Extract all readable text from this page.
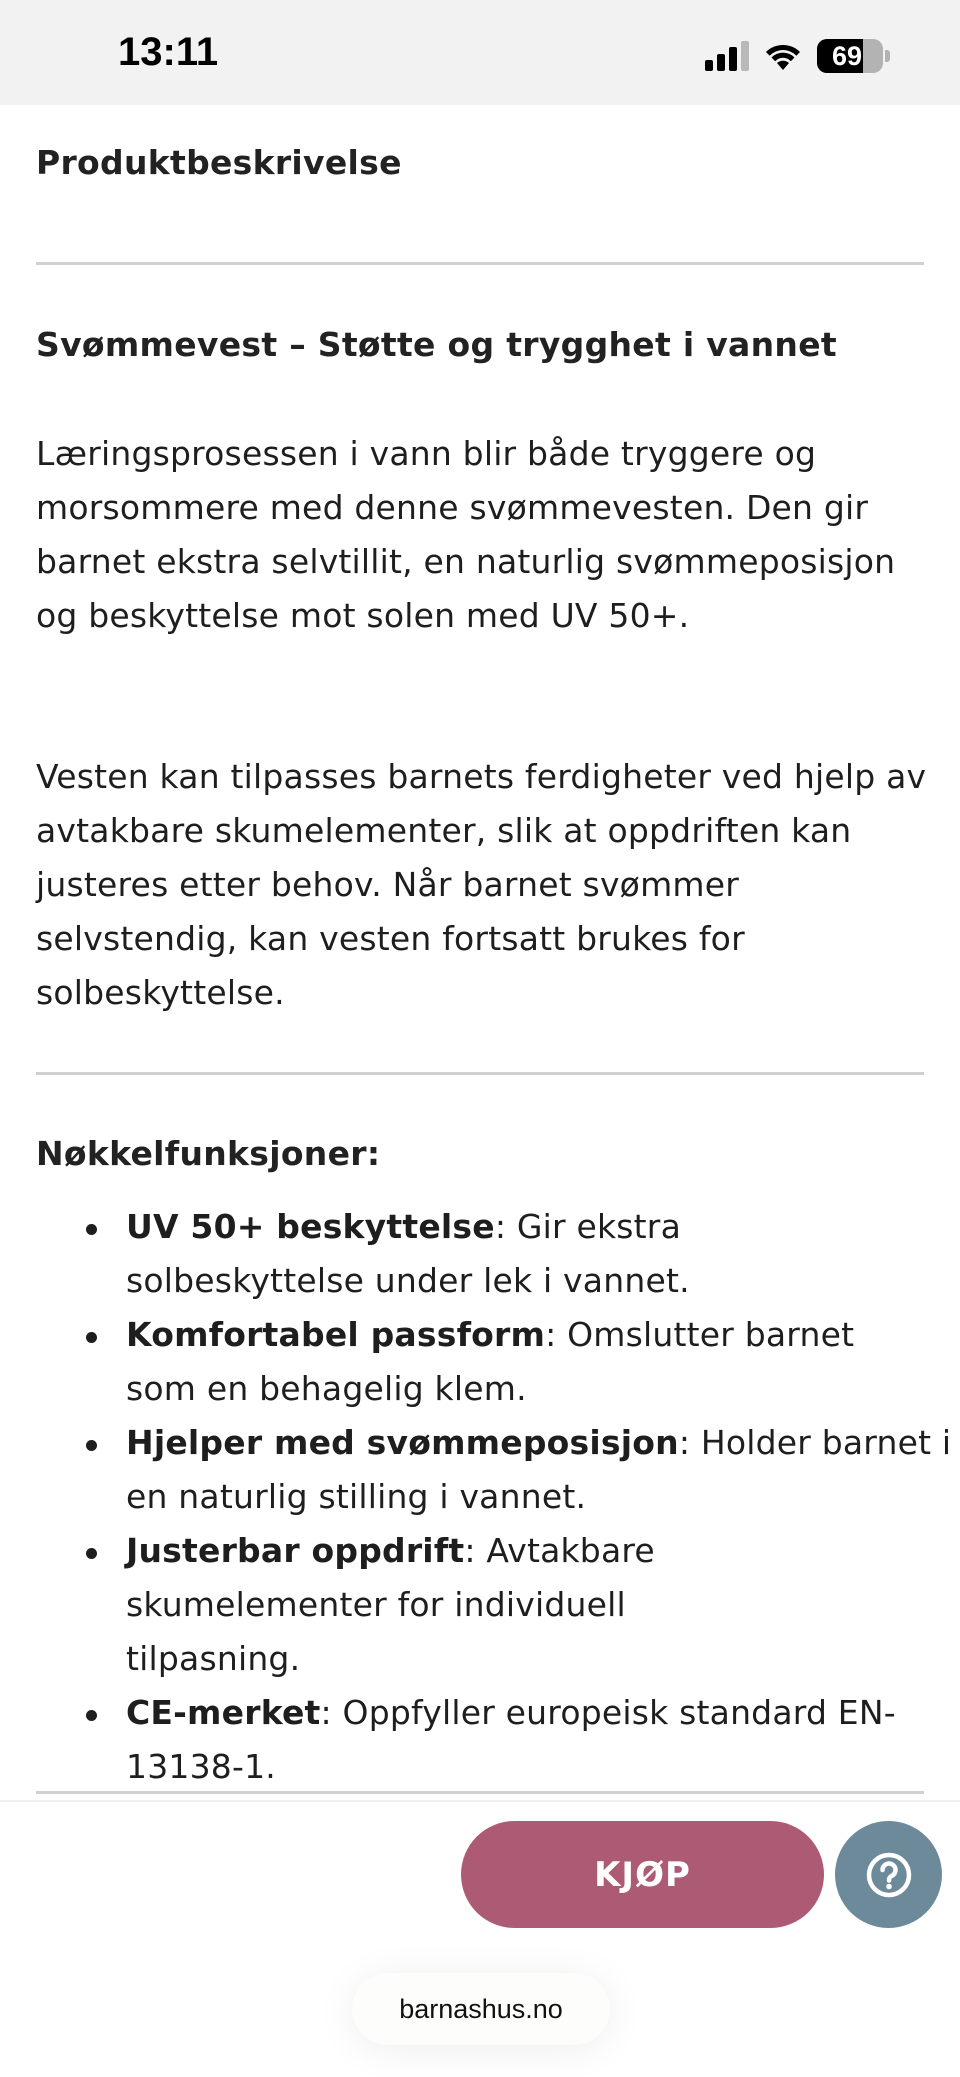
13:11	69
Produktbeskrivelse
Svømmevest – Støtte og trygghet i vannet

Læringsprosessen i vann blir både tryggere og morsommere med denne svømmevesten. Den gir barnet ekstra selvtillit, en naturlig svømmeposisjon og beskyttelse mot solen med UV 50+.

Vesten kan tilpasses barnets ferdigheter ved hjelp av avtakbare skumelementer, slik at oppdriften kan justeres etter behov. Når barnet svømmer selvstendig, kan vesten fortsatt brukes for solbeskyttelse.

Nøkkelfunksjoner:
UV 50+ beskyttelse: Gir ekstra solbeskyttelse under lek i vannet.
Komfortabel passform: Omslutter barnet som en behagelig klem.
Hjelper med svømmeposisjon: Holder barnet i en naturlig stilling i vannet.
Justerbar oppdrift: Avtakbare skumelementer for individuell tilpasning.
CE-merket: Oppfyller europeisk standard EN-13138-1.
KJØP
barnashus.no
